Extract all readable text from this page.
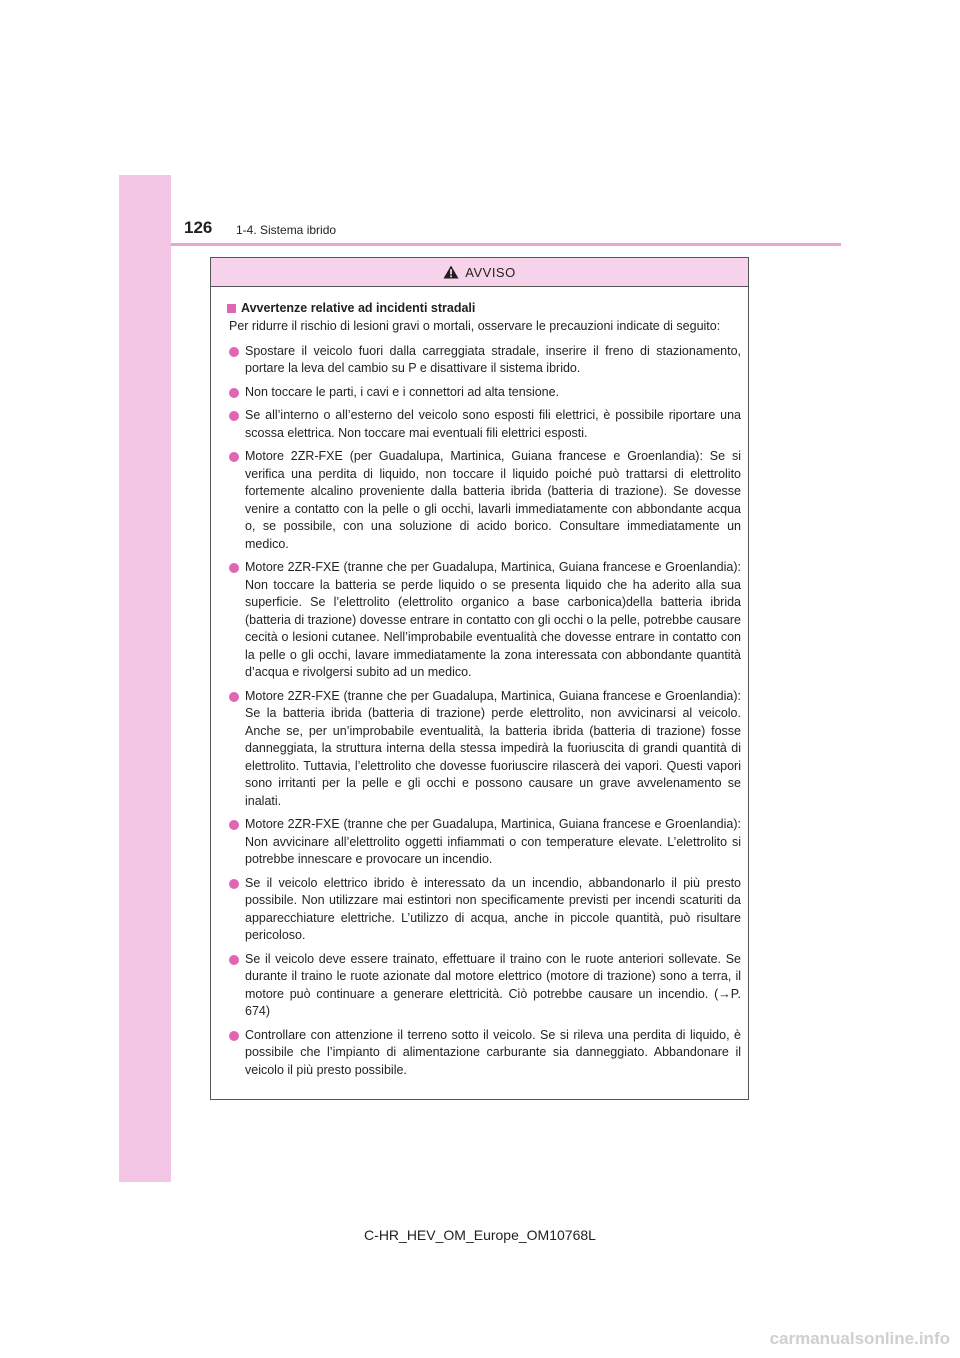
126 1-4. Sistema ibrido
AVVISO
Avvertenze relative ad incidenti stradali

Per ridurre il rischio di lesioni gravi o mortali, osservare le precauzioni indicate di seguito:

Spostare il veicolo fuori dalla carreggiata stradale, inserire il freno di stazionamento, portare la leva del cambio su P e disattivare il sistema ibrido.
Non toccare le parti, i cavi e i connettori ad alta tensione.
Se all’interno o all’esterno del veicolo sono esposti fili elettrici, è possibile riportare una scossa elettrica. Non toccare mai eventuali fili elettrici esposti.
Motore 2ZR-FXE (per Guadalupa, Martinica, Guiana francese e Groenlandia): Se si verifica una perdita di liquido, non toccare il liquido poiché può trattarsi di elettrolito fortemente alcalino proveniente dalla batteria ibrida (batteria di trazione). Se dovesse venire a contatto con la pelle o gli occhi, lavarli immediatamente con abbondante acqua o, se possibile, con una soluzione di acido borico. Consultare immediatamente un medico.
Motore 2ZR-FXE (tranne che per Guadalupa, Martinica, Guiana francese e Groenlandia): Non toccare la batteria se perde liquido o se presenta liquido che ha aderito alla sua superficie. Se l’elettrolito (elettrolito organico a base carbonica)della batteria ibrida (batteria di trazione) dovesse entrare in contatto con gli occhi o la pelle, potrebbe causare cecità o lesioni cutanee. Nell’improbabile eventualità che dovesse entrare in contatto con la pelle o gli occhi, lavare immediatamente la zona interessata con abbondante quantità d’acqua e rivolgersi subito ad un medico.
Motore 2ZR-FXE (tranne che per Guadalupa, Martinica, Guiana francese e Groenlandia): Se la batteria ibrida (batteria di trazione) perde elettrolito, non avvicinarsi al veicolo. Anche se, per un’improbabile eventualità, la batteria ibrida (batteria di trazione) fosse danneggiata, la struttura interna della stessa impedirà la fuoriuscita di grandi quantità di elettrolito. Tuttavia, l’elettrolito che dovesse fuoriuscire rilascerà dei vapori. Questi vapori sono irritanti per la pelle e gli occhi e possono causare un grave avvelenamento se inalati.
Motore 2ZR-FXE (tranne che per Guadalupa, Martinica, Guiana francese e Groenlandia): Non avvicinare all’elettrolito oggetti infiammati o con temperature elevate. L’elettrolito si potrebbe innescare e provocare un incendio.
Se il veicolo elettrico ibrido è interessato da un incendio, abbandonarlo il più presto possibile. Non utilizzare mai estintori non specificamente previsti per incendi scaturiti da apparecchiature elettriche. L’utilizzo di acqua, anche in piccole quantità, può risultare pericoloso.
Se il veicolo deve essere trainato, effettuare il traino con le ruote anteriori sollevate. Se durante il traino le ruote azionate dal motore elettrico (motore di trazione) sono a terra, il motore può continuare a generare elettricità. Ciò potrebbe causare un incendio. (→P. 674)
Controllare con attenzione il terreno sotto il veicolo. Se si rileva una perdita di liquido, è possibile che l’impianto di alimentazione carburante sia danneggiato. Abbandonare il veicolo il più presto possibile.
C-HR_HEV_OM_Europe_OM10768L
carmanualsonline.info
